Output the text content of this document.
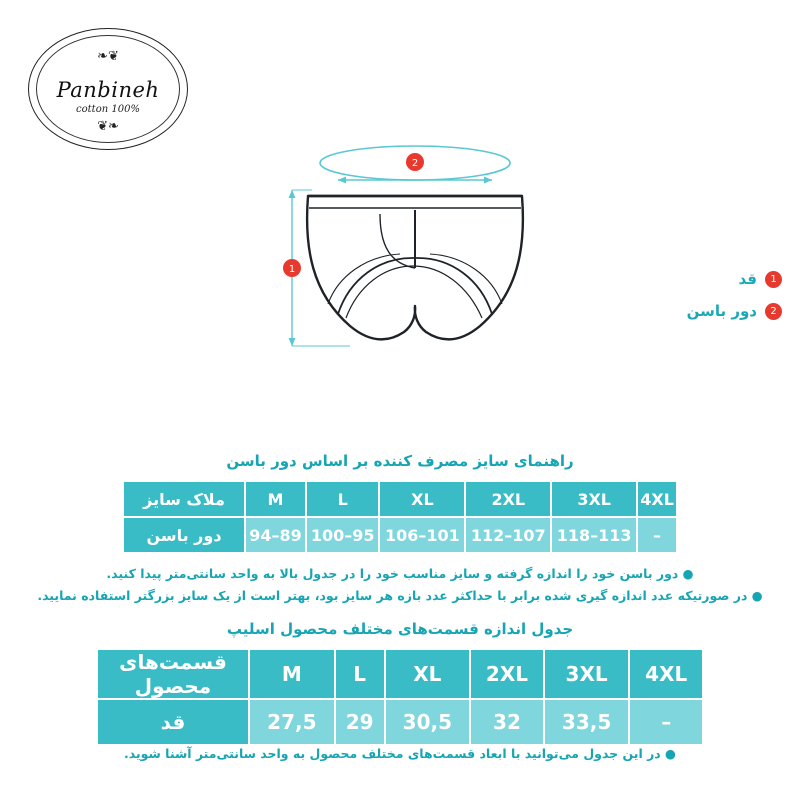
❦❧
Panbineh
100% cotton
❧❦
1
2
1
قد
2
دور باسن
راهنمای سایز مصرف کننده بر اساس دور باسن
4XL	3XL	2XL	XL	L	M	ملاک سایز
–	113–118	107–112	101–106	95–100	89–94	دور باسن
● دور باسن خود را اندازه گرفته و سایز مناسب خود را در جدول بالا به واحد سانتی‌متر پیدا کنید.
● در صورتیکه عدد اندازه گیری شده برابر با حداکثر عدد بازه هر سایز بود، بهتر است از یک سایز بزرگتر استفاده نمایید.
جدول اندازه قسمت‌های مختلف محصول اسلیپ
4XL	3XL	2XL	XL	L	M	قسمت‌های محصول
–	33,5	32	30,5	29	27,5	قد
● در این جدول می‌توانید با ابعاد قسمت‌های مختلف محصول به واحد سانتی‌متر آشنا شوید.
